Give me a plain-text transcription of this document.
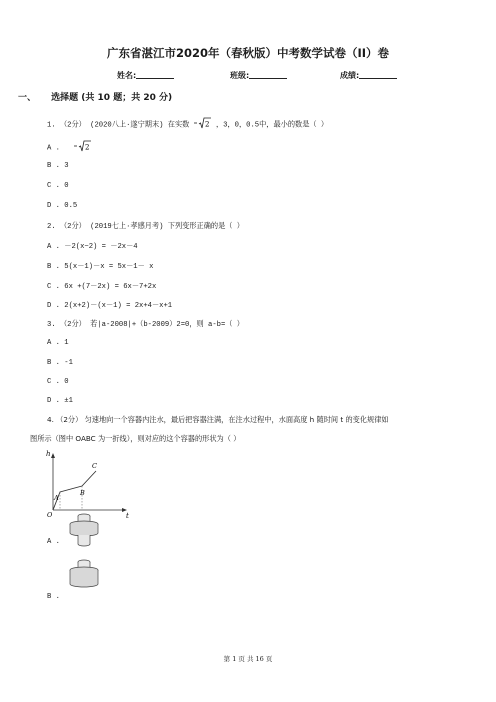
广东省湛江市2020年（春秋版）中考数学试卷（II）卷
姓名:	班级:	成绩:
一、 选择题 (共 10 题；共 20 分)
1. （2分） (2020八上·遂宁期末) 在实数 2 ，3，0，0.5中，最小的数是（ ）
A .	2
B . 3
C . 0
D . 0.5
2. （2分） (2019七上·孝感月考) 下列变形正确的是（ ）
A . －2(x−2) = －2x－4
B . 5(x－1)－x = 5x－1－ x
C . 6x +(7－2x) = 6x－7+2x
D . 2(x+2)－(x－1) = 2x+4－x+1
3. （2分） 若|a-2008|+（b-2009）2=0，则 a-b=（ ）
A . 1
B . -1
C . 0
D . ±1
4. （2分） 匀速地向一个容器内注水，最后把容器注满，在注水过程中，水面高度 h 随时间 t 的变化规律如
图所示（图中 OABC 为一折线），则对应的这个容器的形状为（ ）
h
t
O
A
B
C
A .
B .
第 1 页 共 16 页
